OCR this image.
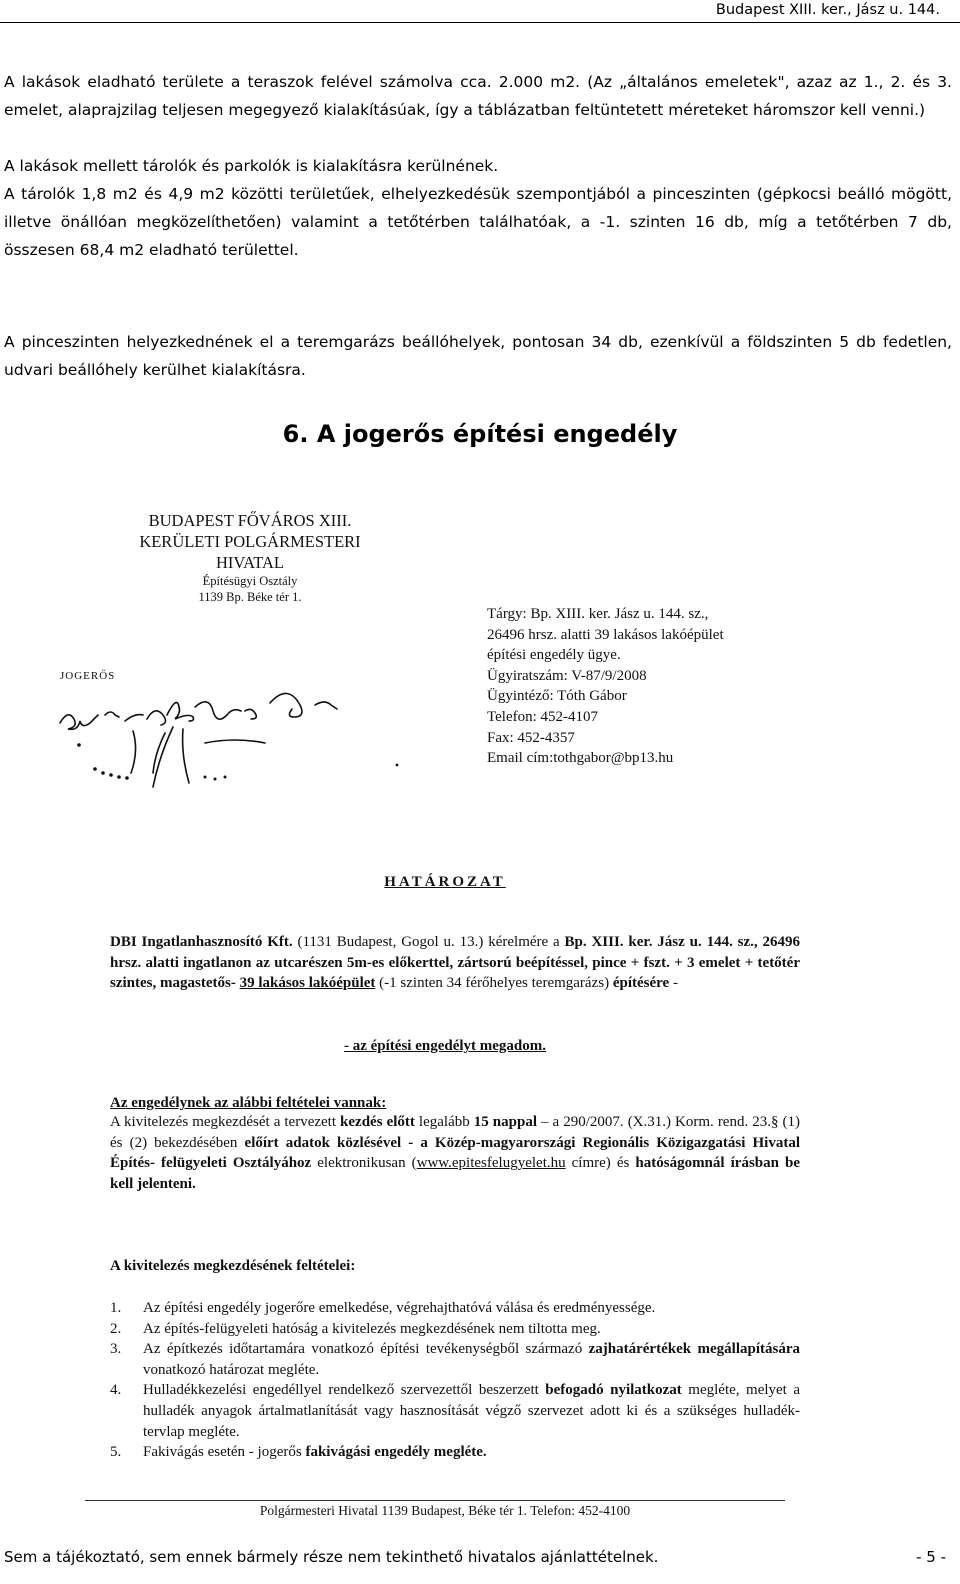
Budapest XIII. ker., Jász u. 144.

A lakások eladható területe a teraszok felével számolva cca. 2.000 m2. (Az „általános emeletek", azaz az 1., 2. és 3. emelet, alaprajzilag teljesen megegyező kialakításúak, így a táblázatban feltüntetett méreteket háromszor kell venni.)

A lakások mellett tárolók és parkolók is kialakításra kerülnének.

A tárolók 1,8 m2 és 4,9 m2 közötti területűek, elhelyezkedésük szempontjából a pinceszinten (gépkocsi beálló mögött, illetve önállóan megközelíthetően) valamint a tetőtérben találhatóak, a -1. szinten 16 db, míg a tetőtérben 7 db, összesen 68,4 m2 eladható területtel.

A pinceszinten helyezkednének el a teremgarázs beállóhelyek, pontosan 34 db, ezenkívül a földszinten 5 db fedetlen, udvari beállóhely kerülhet kialakításra.

6. A jogerős építési engedély
BUDAPEST FŐVÁROS XIII.
KERÜLETI POLGÁRMESTERI
HIVATAL
Építésügyi Osztály
1139 Bp. Béke tér 1.
Tárgy: Bp. XIII. ker. Jász u. 144. sz.,
26496 hrsz. alatti 39 lakásos lakóépület
építési engedély ügye.
Ügyiratszám: V-87/9/2008
Ügyintéző: Tóth Gábor
Telefon: 452-4107
Fax: 452-4357
Email cím:tothgabor@bp13.hu
JOGERŐS
HATÁROZAT

DBI Ingatlanhasznosító Kft. (1131 Budapest, Gogol u. 13.) kérelmére a Bp. XIII. ker. Jász u. 144. sz., 26496 hrsz. alatti ingatlanon az utcarészen 5m-es előkerttel, zártsorú beépítéssel, pince + fszt. + 3 emelet + tetőtér szintes, magastetős- 39 lakásos lakóépület (-1 szinten 34 férőhelyes teremgarázs) építésére -

- az építési engedélyt megadom.
Az engedélynek az alábbi feltételei vannak:

A kivitelezés megkezdését a tervezett kezdés előtt legalább 15 nappal – a 290/2007. (X.31.) Korm. rend. 23.§ (1) és (2) bekezdésében előírt adatok közlésével - a Közép-magyarországi Regionális Közigazgatási Hivatal Építés- felügyeleti Osztályához elektronikusan (www.epitesfelugyelet.hu címre) és hatóságomnál írásban be kell jelenteni.

A kivitelezés megkezdésének feltételei:
1.	Az építési engedély jogerőre emelkedése, végrehajthatóvá válása és eredményessége.
2.	Az építés-felügyeleti hatóság a kivitelezés megkezdésének nem tiltotta meg.
3.	Az építkezés időtartamára vonatkozó építési tevékenységből származó zajhatárértékek megállapítására vonatkozó határozat megléte.
4.	Hulladékkezelési engedéllyel rendelkező szervezettől beszerzett befogadó nyilatkozat megléte, melyet a hulladék anyagok ártalmatlanítását vagy hasznosítását végző szervezet adott ki és a szükséges hulladék-tervlap megléte.
5.	Fakivágás esetén - jogerős fakivágási engedély megléte.
Polgármesteri Hivatal 1139 Budapest, Béke tér 1. Telefon: 452-4100
Sem a tájékoztató, sem ennek bármely része nem tekinthető hivatalos ajánlattételnek.	- 5 -
